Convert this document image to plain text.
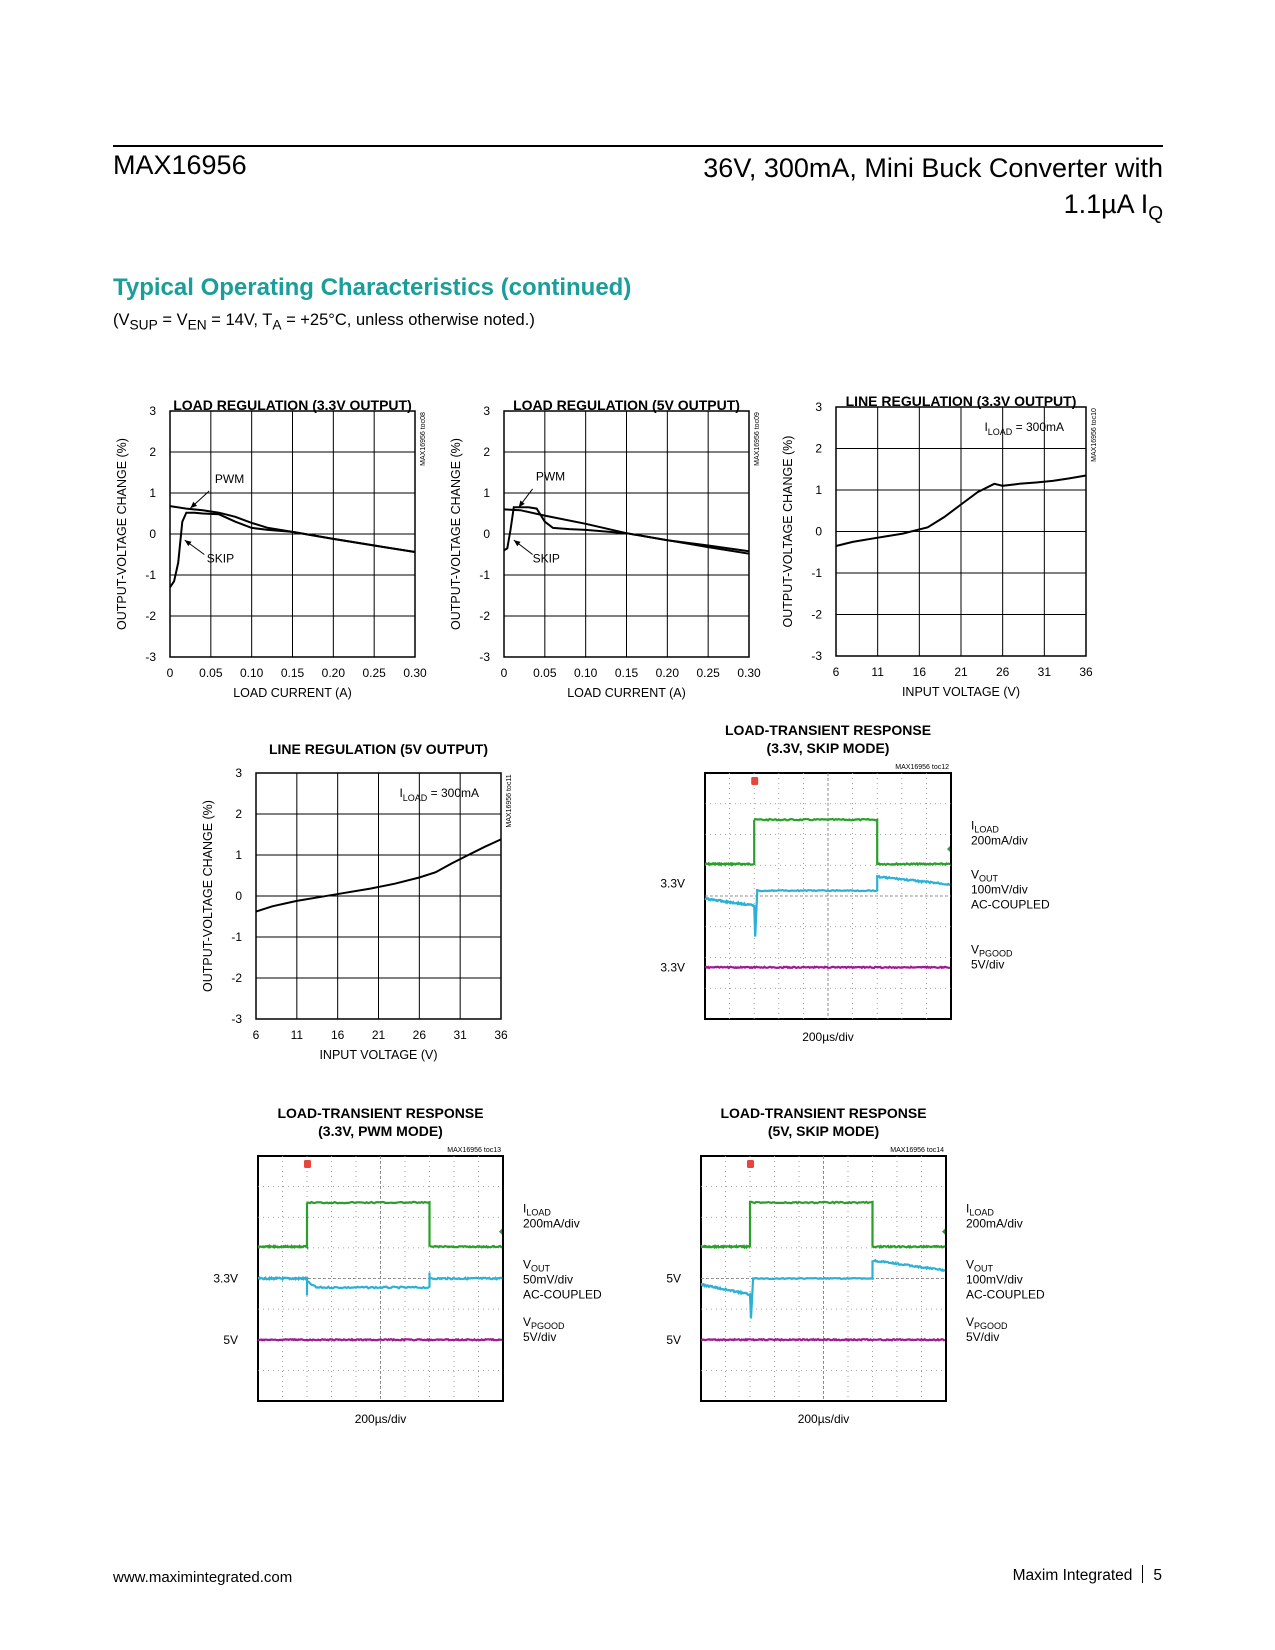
MAX16956	36V, 300mA, Mini Buck Converter with
1.1µA $I_Q$
Typical Operating Characteristics (continued)
($V_{SUP} = V_{EN} = 14V$, $T_A = +25^\circ C$, unless otherwise noted.)
LOAD REGULATION (3.3V OUTPUT)
0 0.05 0.10 0.15 0.20 0.25 0.30
3
2
1
0
-1
-2
-3
LOAD CURRENT (A)
OUTPUT-VOLTAGE CHANGE (%)	MAX16956 toc08
PWM
SKIP
LOAD REGULATION (5V OUTPUT)
0 0.05 0.10 0.15 0.20 0.25 0.30
3
2
1
0
-1
-2
-3
LOAD CURRENT (A)
OUTPUT-VOLTAGE CHANGE (%)	MAX16956 toc09
PWM
SKIP
LINE REGULATION (3.3V OUTPUT)
6	11 16 21 26 31 36
3
2
1
0
-1
-2
-3
INPUT VOLTAGE (V)
OUTPUT-VOLTAGE CHANGE (%)
MAX16956 toc10
$I_{LOAD} = 300mA$
LINE REGULATION (5V OUTPUT)
6	11 16 21 26 31 36
3
2
1
0
-1
-2
-3
INPUT VOLTAGE (V)
OUTPUT-VOLTAGE CHANGE (%)	MAX16956 toc11
$I_{LOAD} = 300mA$
LOAD-TRANSIENT RESPONSE
(3.3V, SKIP MODE)
MAX16956 toc12
3.3V
3.3V
$I_{LOAD}$
200mA/div
$V_{OUT}$
100mV/div
AC-COUPLED
$V_{PGOOD}$
5V/div
200µs/div
LOAD-TRANSIENT RESPONSE
(3.3V, PWM MODE)
MAX16956 toc13
3.3V
5V
$I_{LOAD}$
200mA/div
$V_{OUT}$
50mV/div
AC-COUPLED
$V_{PGOOD}$
5V/div
200µs/div
LOAD-TRANSIENT RESPONSE
(5V, SKIP MODE)
MAX16956 toc14
5V
5V
$I_{LOAD}$
200mA/div
$V_{OUT}$
100mV/div
AC-COUPLED
$V_{PGOOD}$
5V/div
200µs/div
www.maximintegrated.com	Maxim Integrated 5
